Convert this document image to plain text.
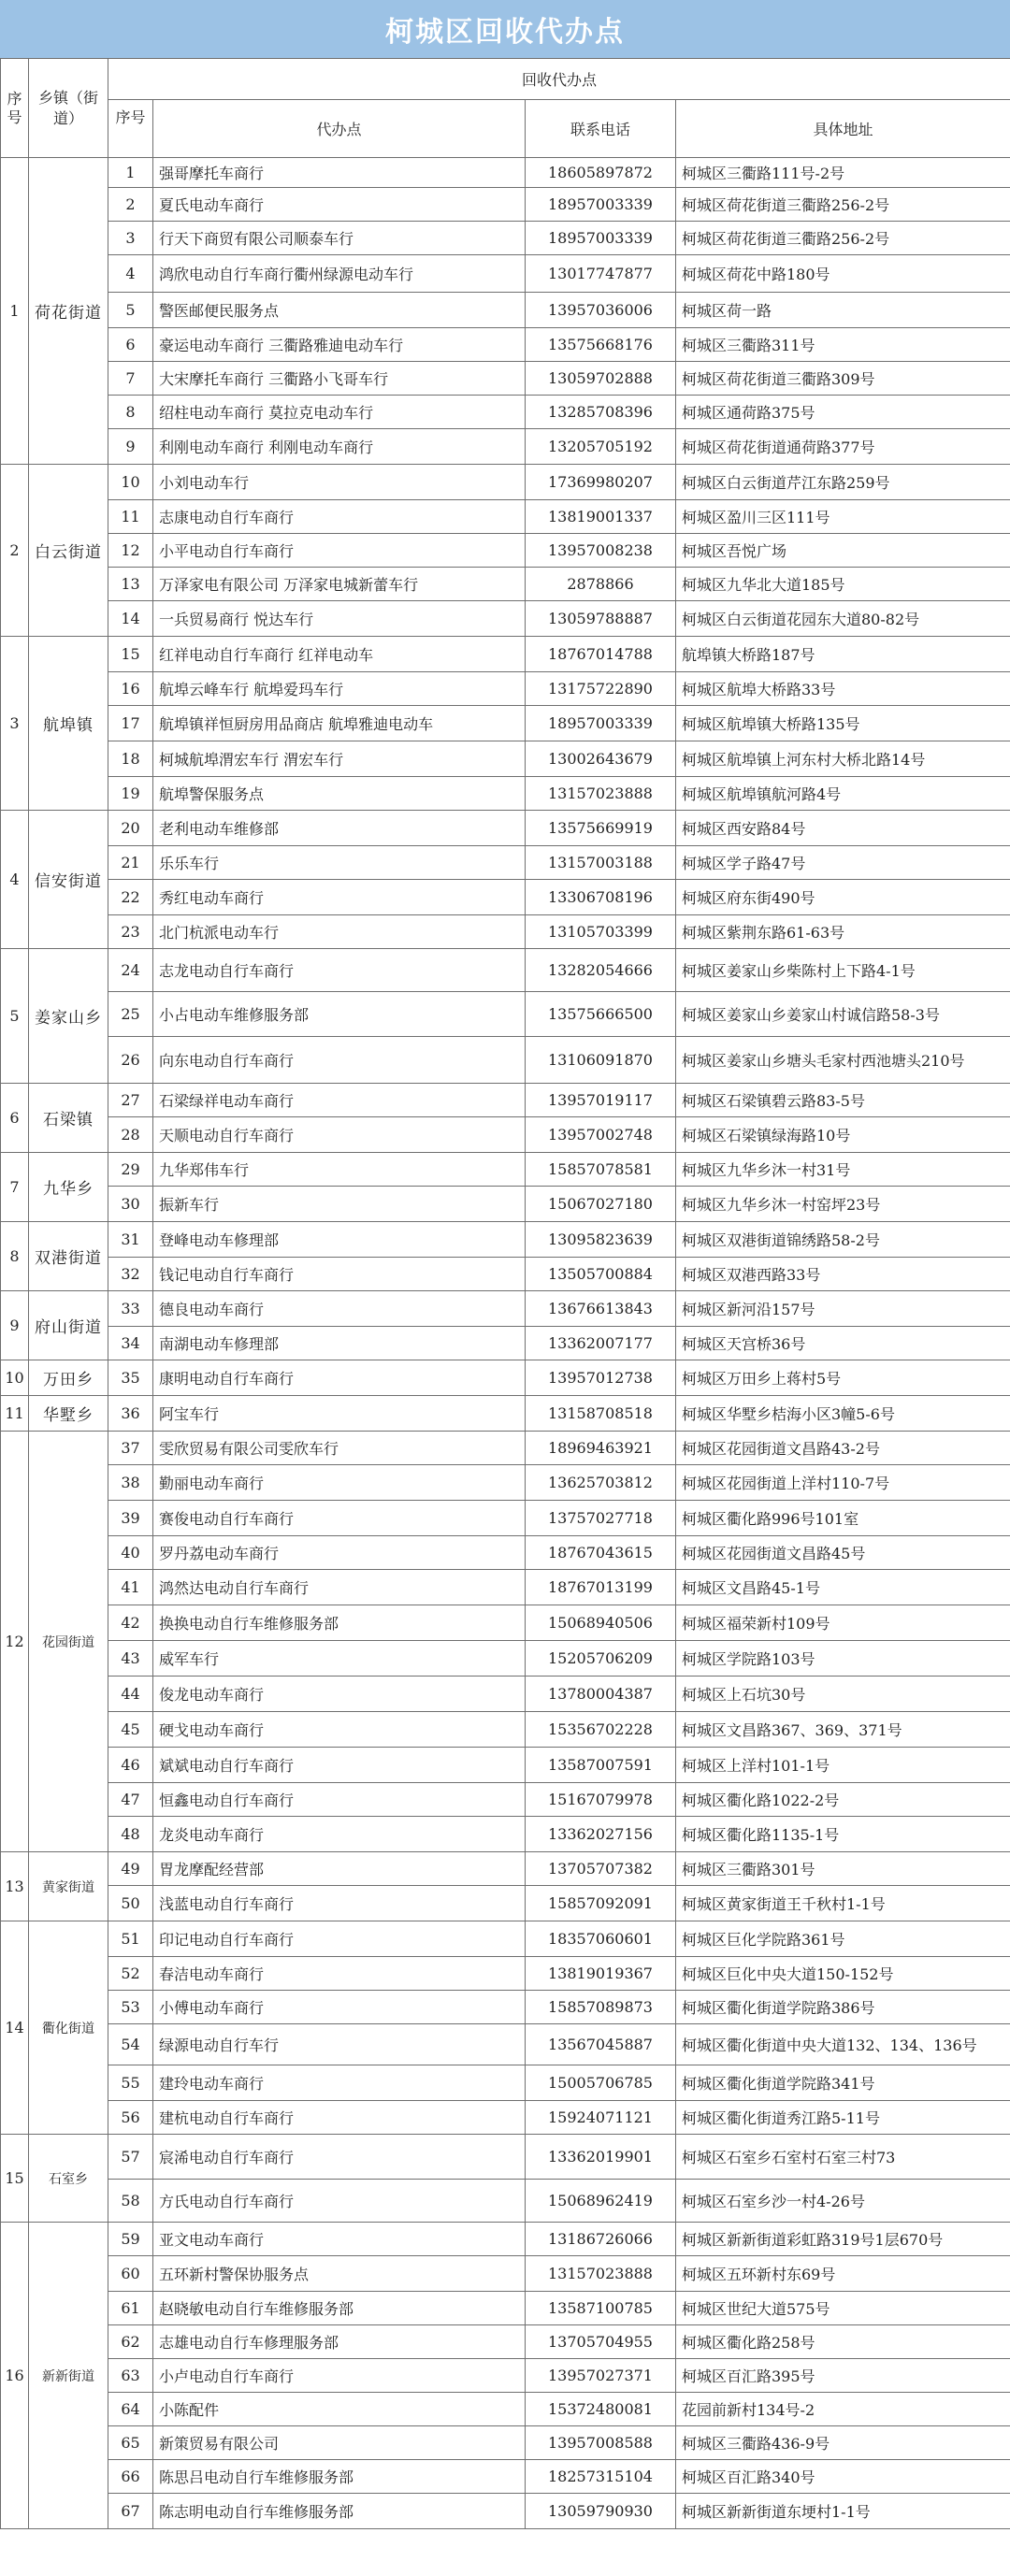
柯城区回收代办点
序号	乡镇（街道）	回收代办点			
		序号	代办点	联系电话	具体地址
1	荷花街道	1	强哥摩托车商行	18605897872	柯城区三衢路111号-2号
		2	夏氏电动车商行	18957003339	柯城区荷花街道三衢路256-2号
		3	行天下商贸有限公司顺泰车行	18957003339	柯城区荷花街道三衢路256-2号
		4	鸿欣电动自行车商行衢州绿源电动车行	13017747877	柯城区荷花中路180号
		5	警医邮便民服务点	13957036006	柯城区荷一路
		6	豪运电动车商行 三衢路雅迪电动车行	13575668176	柯城区三衢路311号
		7	大宋摩托车商行 三衢路小飞哥车行	13059702888	柯城区荷花街道三衢路309号
		8	绍柱电动车商行 莫拉克电动车行	13285708396	柯城区通荷路375号
		9	利刚电动车商行 利刚电动车商行	13205705192	柯城区荷花街道通荷路377号
2	白云街道	10	小刘电动车行	17369980207	柯城区白云街道芹江东路259号
		11	志康电动自行车商行	13819001337	柯城区盈川三区111号
		12	小平电动自行车商行	13957008238	柯城区吾悦广场
		13	万泽家电有限公司 万泽家电城新蕾车行	2878866	柯城区九华北大道185号
		14	一兵贸易商行 悦达车行	13059788887	柯城区白云街道花园东大道80-82号
3	航埠镇	15	红祥电动自行车商行 红祥电动车	18767014788	航埠镇大桥路187号
		16	航埠云峰车行 航埠爱玛车行	13175722890	柯城区航埠大桥路33号
		17	航埠镇祥恒厨房用品商店 航埠雅迪电动车	18957003339	柯城区航埠镇大桥路135号
		18	柯城航埠渭宏车行 渭宏车行	13002643679	柯城区航埠镇上河东村大桥北路14号
		19	航埠警保服务点	13157023888	柯城区航埠镇航河路4号
4	信安街道	20	老利电动车维修部	13575669919	柯城区西安路84号
		21	乐乐车行	13157003188	柯城区学子路47号
		22	秀红电动车商行	13306708196	柯城区府东街490号
		23	北门杭派电动车行	13105703399	柯城区紫荆东路61-63号
5	姜家山乡	24	志龙电动自行车商行	13282054666	柯城区姜家山乡柴陈村上下路4-1号
		25	小占电动车维修服务部	13575666500	柯城区姜家山乡姜家山村诚信路58-3号
		26	向东电动自行车商行	13106091870	柯城区姜家山乡塘头毛家村西池塘头210号
6	石梁镇	27	石梁绿祥电动车商行	13957019117	柯城区石梁镇碧云路83-5号
		28	天顺电动自行车商行	13957002748	柯城区石梁镇绿海路10号
7	九华乡	29	九华郑伟车行	15857078581	柯城区九华乡沐一村31号
		30	振新车行	15067027180	柯城区九华乡沐一村窑坪23号
8	双港街道	31	登峰电动车修理部	13095823639	柯城区双港街道锦绣路58-2号
		32	钱记电动自行车商行	13505700884	柯城区双港西路33号
9	府山街道	33	德良电动车商行	13676613843	柯城区新河沿157号
		34	南湖电动车修理部	13362007177	柯城区天宫桥36号
10	万田乡	35	康明电动自行车商行	13957012738	柯城区万田乡上蒋村5号
11	华墅乡	36	阿宝车行	13158708518	柯城区华墅乡桔海小区3幢5-6号
12	花园街道	37	雯欣贸易有限公司雯欣车行	18969463921	柯城区花园街道文昌路43-2号
		38	勤丽电动车商行	13625703812	柯城区花园街道上洋村110-7号
		39	赛俊电动自行车商行	13757027718	柯城区衢化路996号101室
		40	罗丹荔电动车商行	18767043615	柯城区花园街道文昌路45号
		41	鸿然达电动自行车商行	18767013199	柯城区文昌路45-1号
		42	换换电动自行车维修服务部	15068940506	柯城区福荣新村109号
		43	威军车行	15205706209	柯城区学院路103号
		44	俊龙电动车商行	13780004387	柯城区上石坑30号
		45	硬戈电动车商行	15356702228	柯城区文昌路367、369、371号
		46	斌斌电动自行车商行	13587007591	柯城区上洋村101-1号
		47	恒鑫电动自行车商行	15167079978	柯城区衢化路1022-2号
		48	龙炎电动车商行	13362027156	柯城区衢化路1135-1号
13	黄家街道	49	胃龙摩配经营部	13705707382	柯城区三衢路301号
		50	浅蓝电动自行车商行	15857092091	柯城区黄家街道王千秋村1-1号
14	衢化街道	51	印记电动自行车商行	18357060601	柯城区巨化学院路361号
		52	春洁电动车商行	13819019367	柯城区巨化中央大道150-152号
		53	小傅电动车商行	15857089873	柯城区衢化街道学院路386号
		54	绿源电动自行车行	13567045887	柯城区衢化街道中央大道132、134、136号
		55	建玲电动车商行	15005706785	柯城区衢化街道学院路341号
		56	建杭电动自行车商行	15924071121	柯城区衢化街道秀江路5-11号
15	石室乡	57	宸浠电动自行车商行	13362019901	柯城区石室乡石室村石室三村73
		58	方氏电动自行车商行	15068962419	柯城区石室乡沙一村4-26号
16	新新街道	59	亚文电动车商行	13186726066	柯城区新新街道彩虹路319号1层670号
		60	五环新村警保协服务点	13157023888	柯城区五环新村东69号
		61	赵晓敏电动自行车维修服务部	13587100785	柯城区世纪大道575号
		62	志雄电动自行车修理服务部	13705704955	柯城区衢化路258号
		63	小卢电动自行车商行	13957027371	柯城区百汇路395号
		64	小陈配件	15372480081	花园前新村134号-2
		65	新策贸易有限公司	13957008588	柯城区三衢路436-9号
		66	陈思吕电动自行车维修服务部	18257315104	柯城区百汇路340号
		67	陈志明电动自行车维修服务部	13059790930	柯城区新新街道东埂村1-1号
